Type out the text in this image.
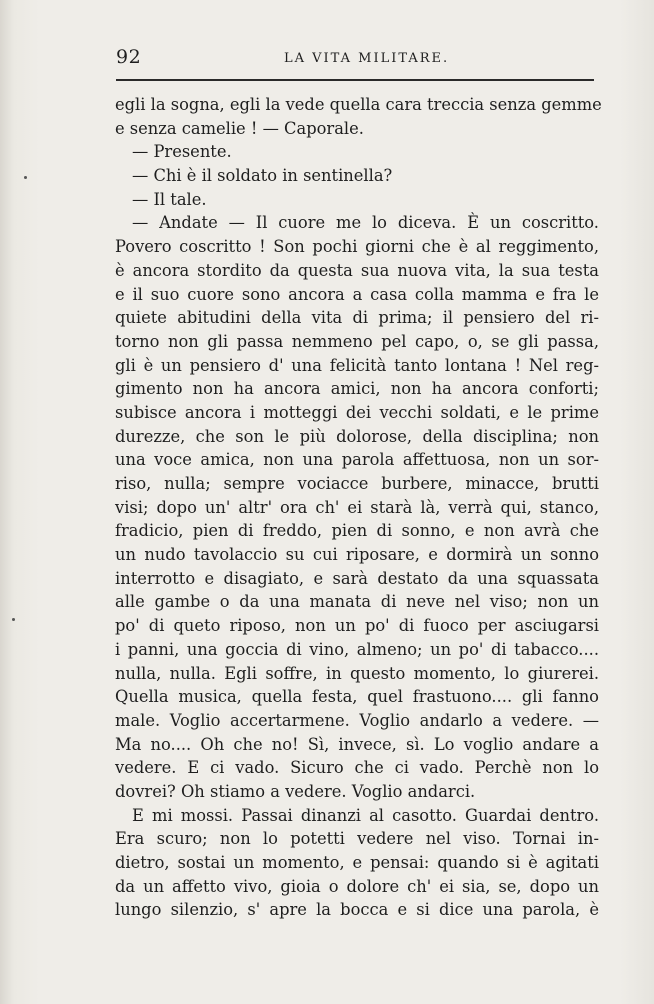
92	LA VITA MILITARE.
egli la sogna, egli la vede quella cara treccia senza gemme
e senza camelie ! — Caporale.
— Presente.
— Chi è il soldato in sentinella?
— Il tale.
— Andate — Il cuore me lo diceva. È un coscritto.
Povero coscritto ! Son pochi giorni che è al reggimento,
è ancora stordito da questa sua nuova vita, la sua testa
e il suo cuore sono ancora a casa colla mamma e fra le
quiete abitudini della vita di prima; il pensiero del ri-
torno non gli passa nemmeno pel capo, o, se gli passa,
gli è un pensiero d' una felicità tanto lontana ! Nel reg-
gimento non ha ancora amici, non ha ancora conforti;
subisce ancora i motteggi dei vecchi soldati, e le prime
durezze, che son le più dolorose, della disciplina; non
una voce amica, non una parola affettuosa, non un sor-
riso, nulla; sempre vociacce burbere, minacce, brutti
visi; dopo un' altr' ora ch' ei starà là, verrà qui, stanco,
fradicio, pien di freddo, pien di sonno, e non avrà che
un nudo tavolaccio su cui riposare, e dormirà un sonno
interrotto e disagiato, e sarà destato da una squassata
alle gambe o da una manata di neve nel viso; non un
po' di queto riposo, non un po' di fuoco per asciugarsi
i panni, una goccia di vino, almeno; un po' di tabacco....
nulla, nulla. Egli soffre, in questo momento, lo giurerei.
Quella musica, quella festa, quel frastuono.... gli fanno
male. Voglio accertarmene. Voglio andarlo a vedere. —
Ma no.... Oh che no! Sì, invece, sì. Lo voglio andare a
vedere. E ci vado. Sicuro che ci vado. Perchè non lo
dovrei? Oh stiamo a vedere. Voglio andarci.
E mi mossi. Passai dinanzi al casotto. Guardai dentro.
Era scuro; non lo potetti vedere nel viso. Tornai in-
dietro, sostai un momento, e pensai: quando si è agitati
da un affetto vivo, gioia o dolore ch' ei sia, se, dopo un
lungo silenzio, s' apre la bocca e si dice una parola, è
